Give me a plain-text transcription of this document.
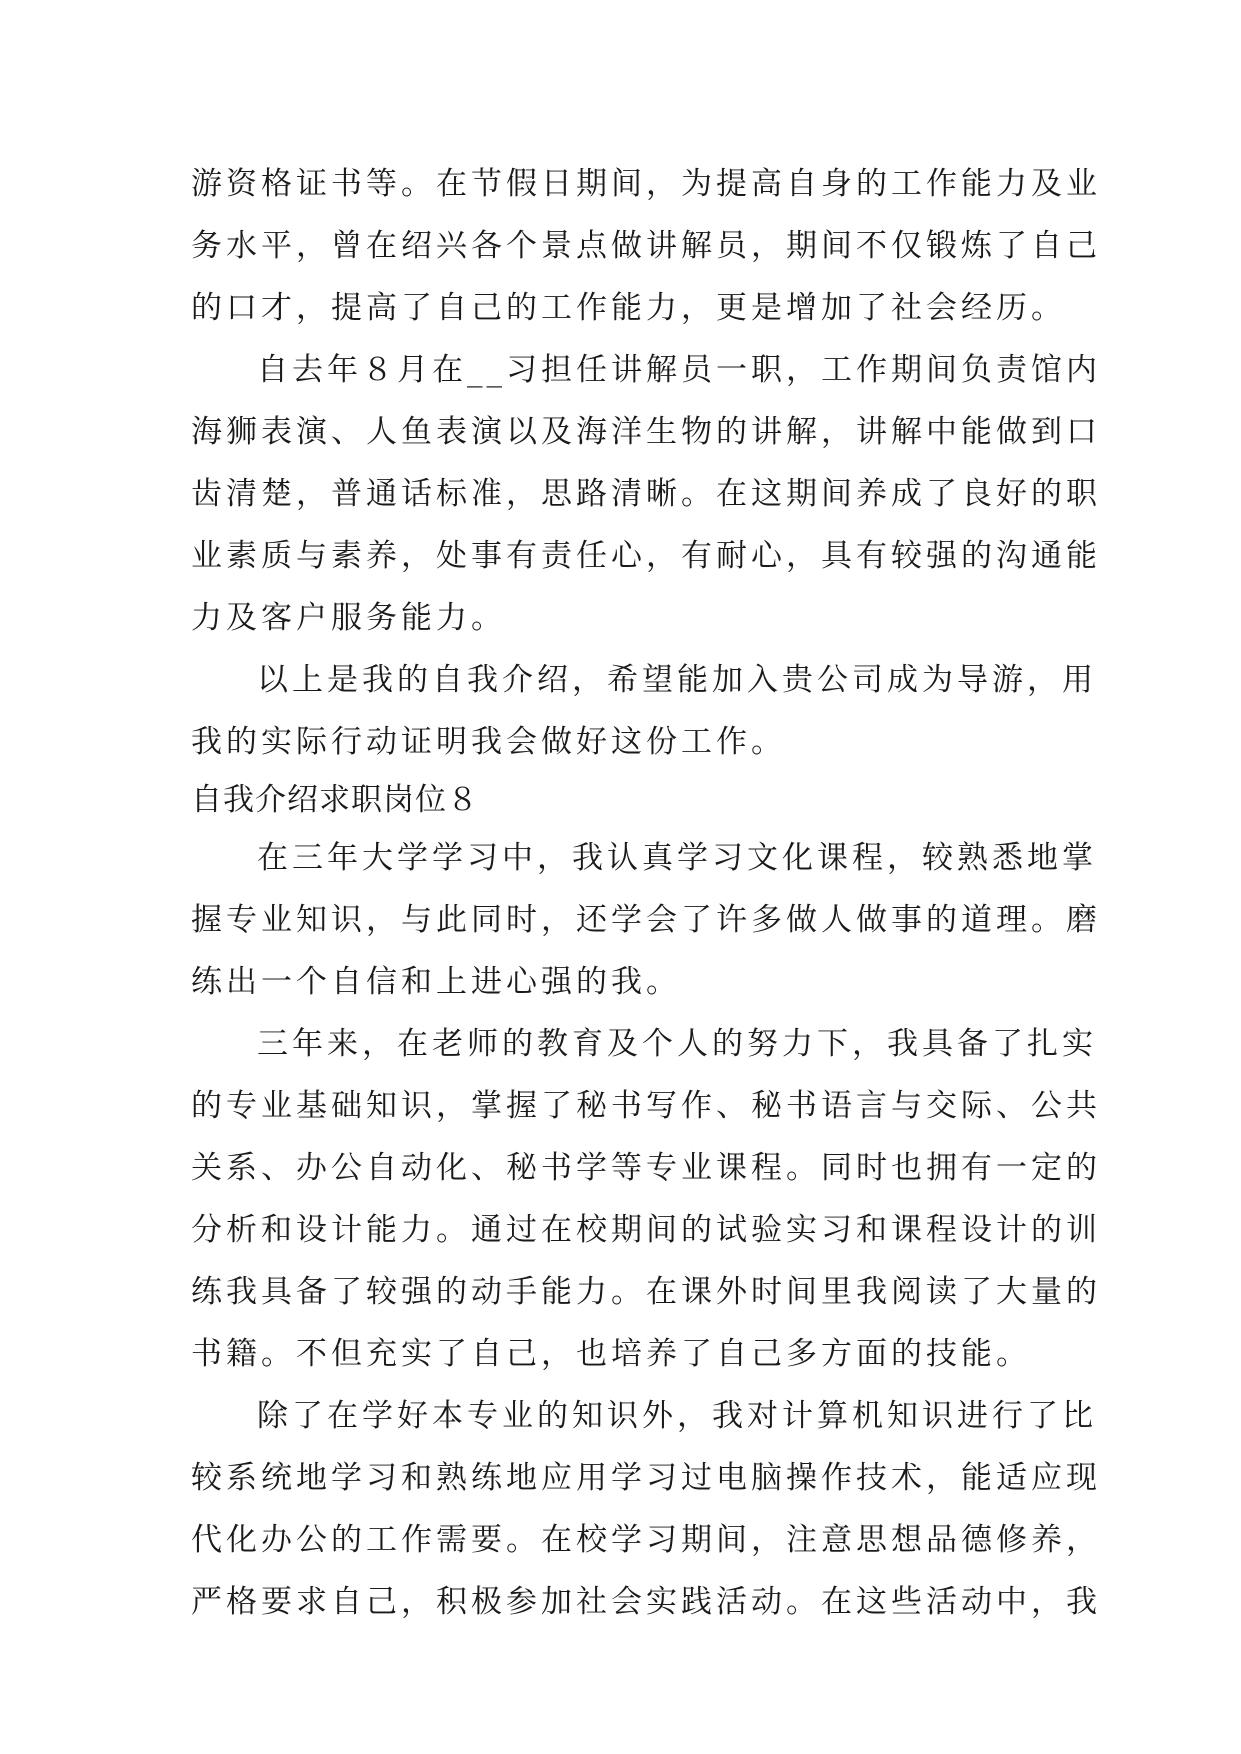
游资格证书等。在节假日期间，为提高自身的工作能力及业
务水平，曾在绍兴各个景点做讲解员，期间不仅锻炼了自己
的口才，提高了自己的工作能力，更是增加了社会经历。
自去年８月在__习担任讲解员一职，工作期间负责馆内
海狮表演、人鱼表演以及海洋生物的讲解，讲解中能做到口
齿清楚，普通话标准，思路清晰。在这期间养成了良好的职
业素质与素养，处事有责任心，有耐心，具有较强的沟通能
力及客户服务能力。
以上是我的自我介绍，希望能加入贵公司成为导游，用
我的实际行动证明我会做好这份工作。
自我介绍求职岗位８
在三年大学学习中，我认真学习文化课程，较熟悉地掌
握专业知识，与此同时，还学会了许多做人做事的道理。磨
练出一个自信和上进心强的我。
三年来，在老师的教育及个人的努力下，我具备了扎实
的专业基础知识，掌握了秘书写作、秘书语言与交际、公共
关系、办公自动化、秘书学等专业课程。同时也拥有一定的
分析和设计能力。通过在校期间的试验实习和课程设计的训
练我具备了较强的动手能力。在课外时间里我阅读了大量的
书籍。不但充实了自己，也培养了自己多方面的技能。
除了在学好本专业的知识外，我对计算机知识进行了比
较系统地学习和熟练地应用学习过电脑操作技术，能适应现
代化办公的工作需要。在校学习期间，注意思想品德修养，
严格要求自己，积极参加社会实践活动。在这些活动中，我
